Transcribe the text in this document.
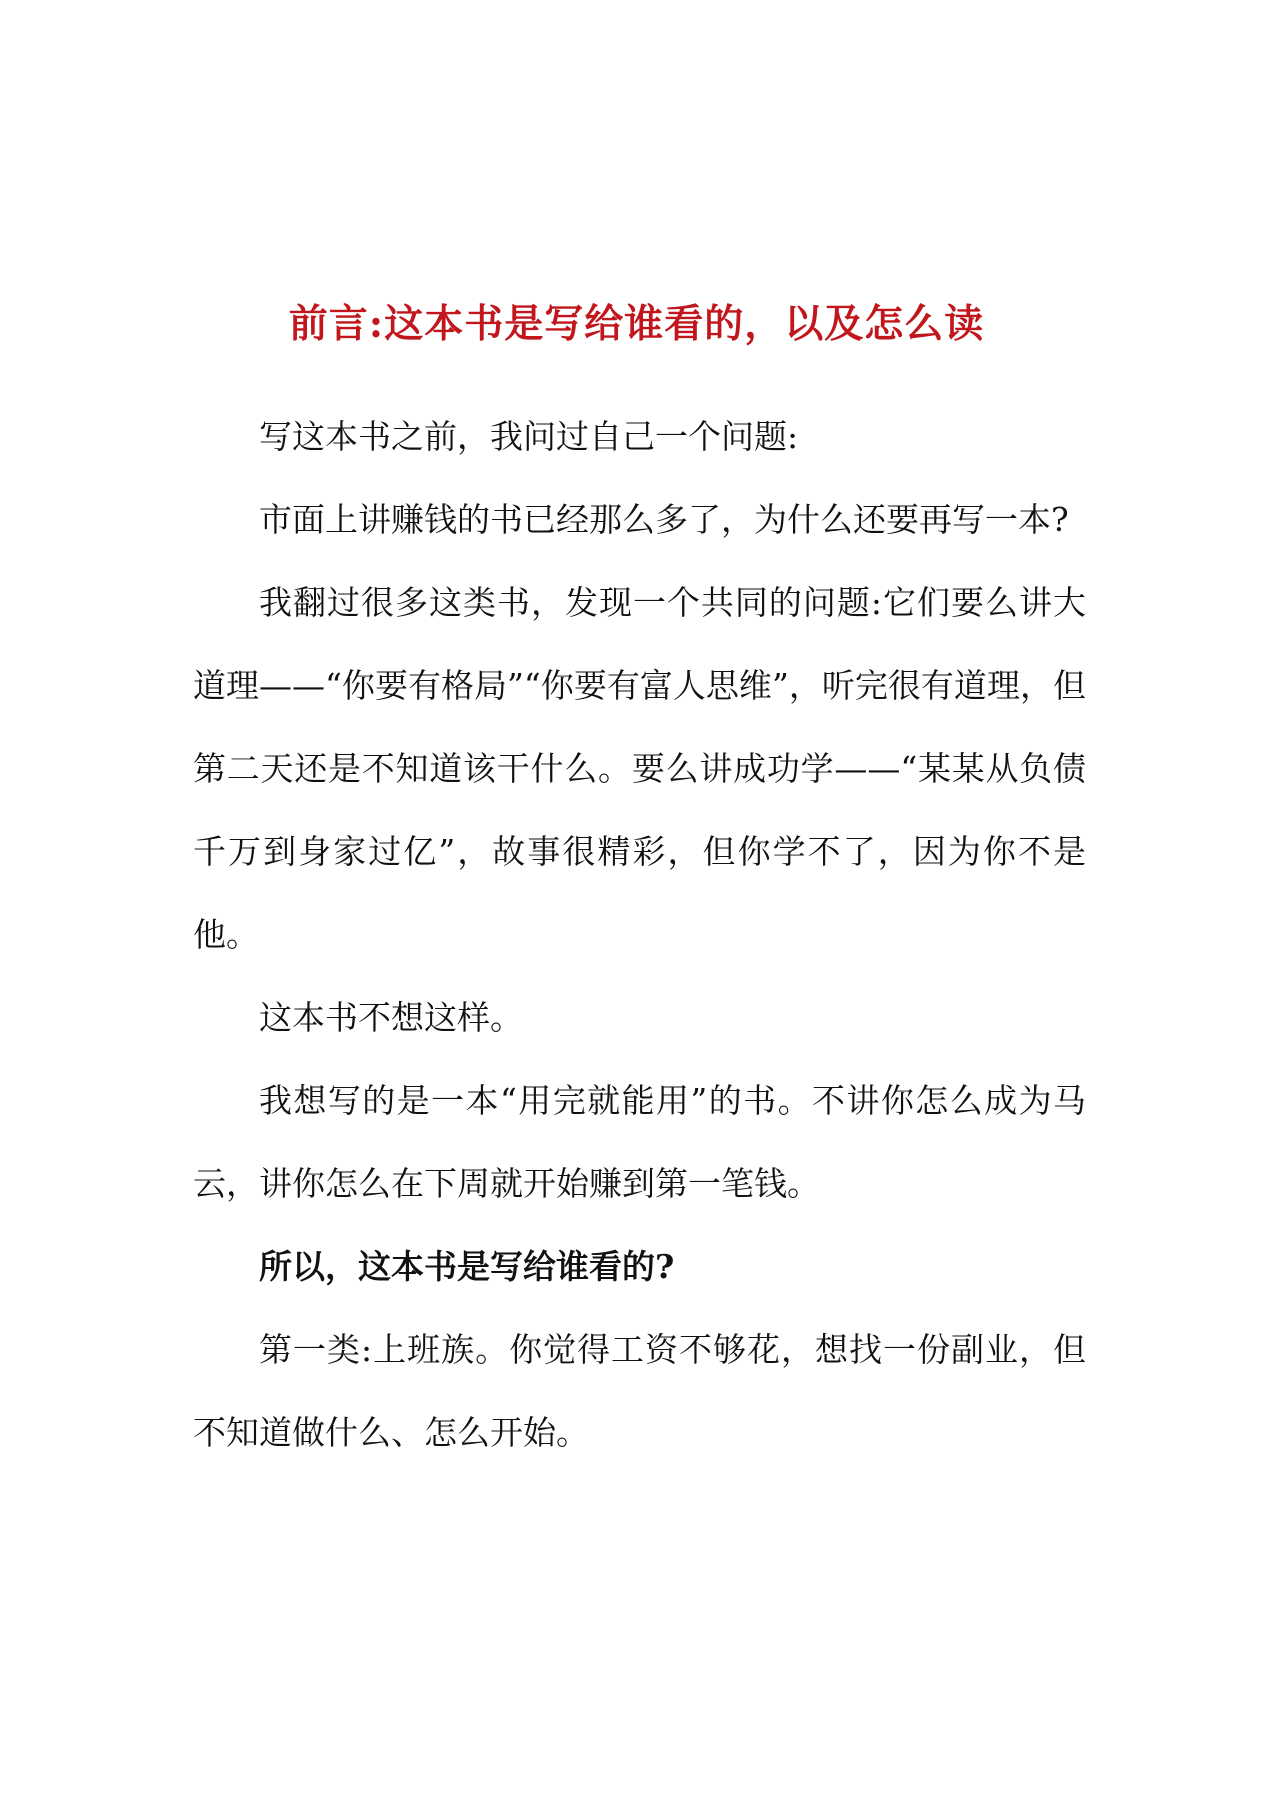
前言:这本书是写给谁看的，以及怎么读

写这本书之前，我问过自己一个问题:

市面上讲赚钱的书已经那么多了，为什么还要再写一本?

我翻过很多这类书，发现一个共同的问题:它们要么讲大道理——“你要有格局”“你要有富人思维”，听完很有道理，但第二天还是不知道该干什么。要么讲成功学——“某某从负债千万到身家过亿”，故事很精彩，但你学不了，因为你不是他。

这本书不想这样。

我想写的是一本“用完就能用”的书。不讲你怎么成为马云，讲你怎么在下周就开始赚到第一笔钱。

所以，这本书是写给谁看的?

第一类:上班族。你觉得工资不够花，想找一份副业，但不知道做什么、怎么开始。
